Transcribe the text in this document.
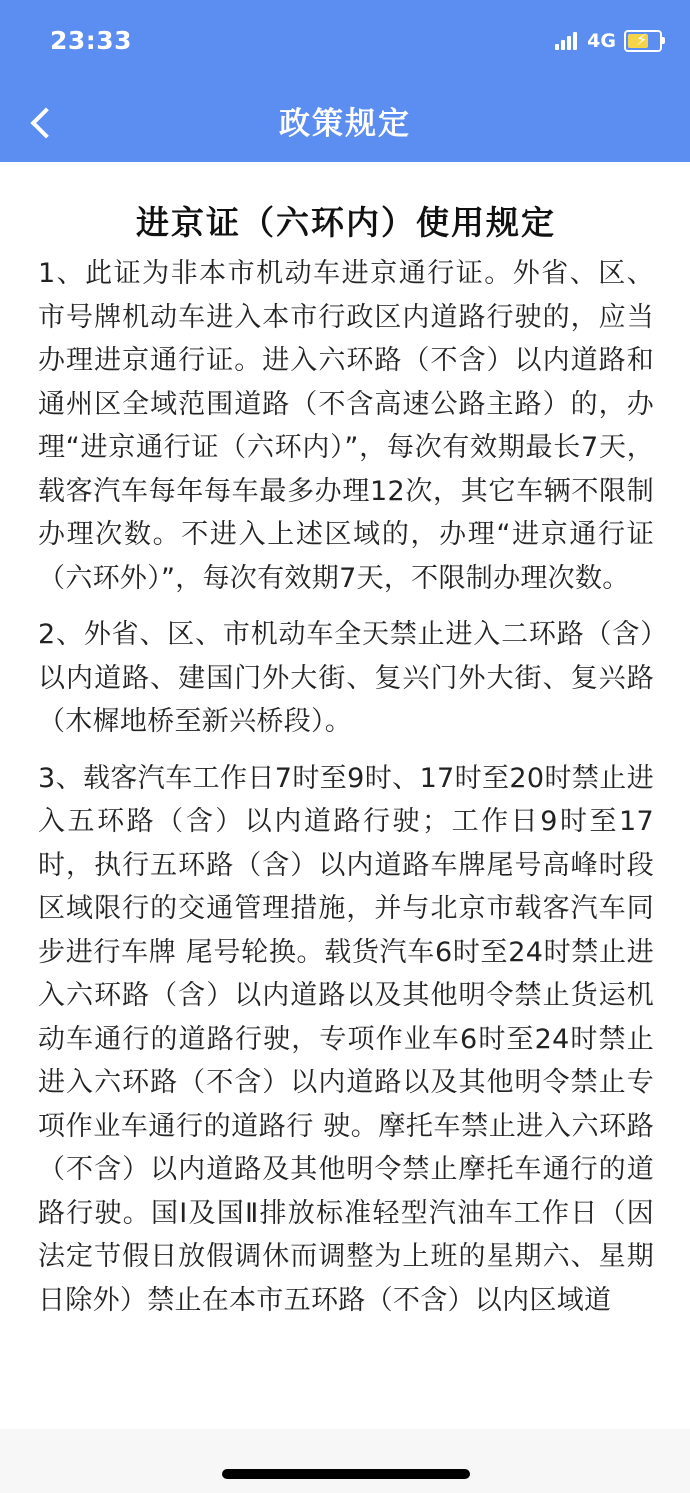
23:33	4G ⚡
政策规定
进京证（六环内）使用规定

1、此证为非本市机动车进京通行证。外省、区、市号牌机动车进入本市行政区内道路行驶的，应当办理进京通行证。进入六环路（不含）以内道路和通州区全域范围道路（不含高速公路主路）的，办理“进京通行证（六环内）”，每次有效期最长7天，载客汽车每年每车最多办理12次，其它车辆不限制办理次数。不进入上述区域的，办理“进京通行证（六环外）”，每次有效期7天，不限制办理次数。

2、外省、区、市机动车全天禁止进入二环路（含）以内道路、建国门外大街、复兴门外大街、复兴路（木樨地桥至新兴桥段）。

3、载客汽车工作日7时至9时、17时至20时禁止进入五环路（含）以内道路行驶；工作日9时至17时，执行五环路（含）以内道路车牌尾号高峰时段区域限行的交通管理措施，并与北京市载客汽车同步进行车牌 尾号轮换。载货汽车6时至24时禁止进入六环路（含）以内道路以及其他明令禁止货运机动车通行的道路行驶，专项作业车6时至24时禁止进入六环路（不含）以内道路以及其他明令禁止专项作业车通行的道路行 驶。摩托车禁止进入六环路（不含）以内道路及其他明令禁止摩托车通行的道路行驶。国Ⅰ及国Ⅱ排放标准轻型汽油车工作日（因法定节假日放假调休而调整为上班的星期六、星期日除外）禁止在本市五环路（不含）以内区域道
